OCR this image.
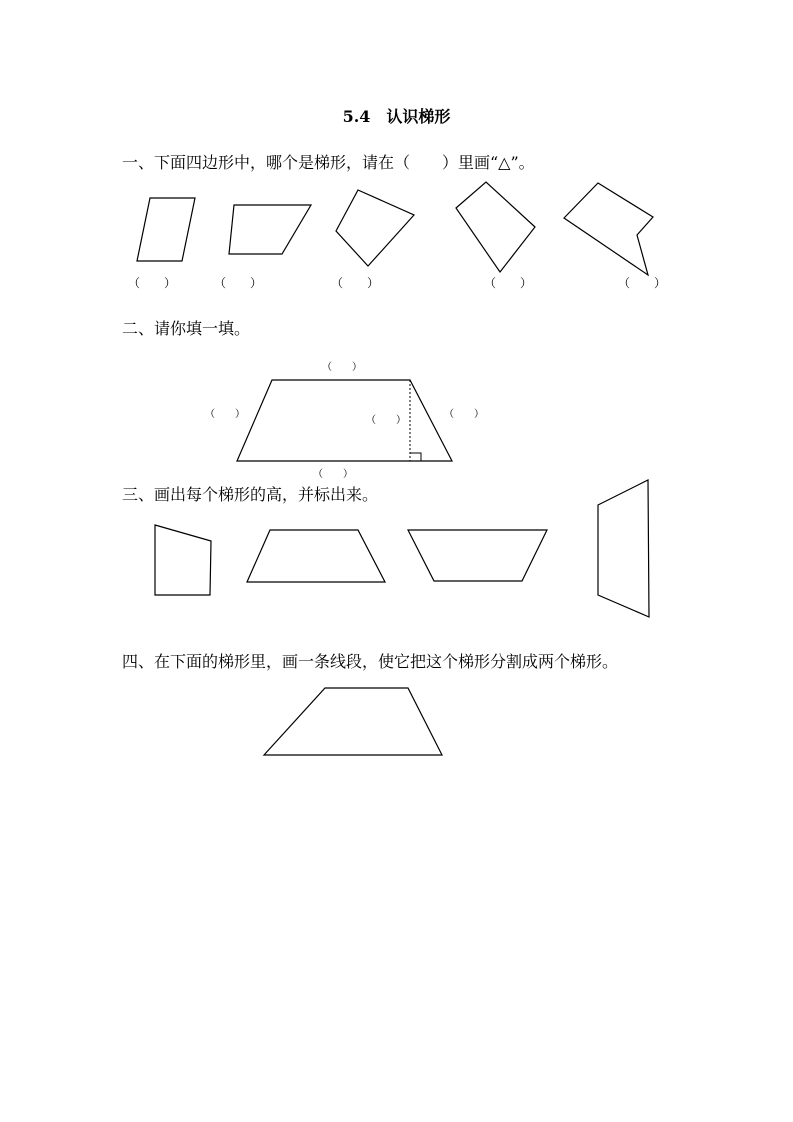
5.4　认识梯形
一、下面四边形中，哪个是梯形，请在（　　）里画“△”。
（　　）	（　　）	（　　）	（　　）	（　　）
二、请你填一填。
（　　）
（　　）
（　　）
（　　）
（　　）
三、画出每个梯形的高，并标出来。
四、在下面的梯形里，画一条线段，使它把这个梯形分割成两个梯形。
